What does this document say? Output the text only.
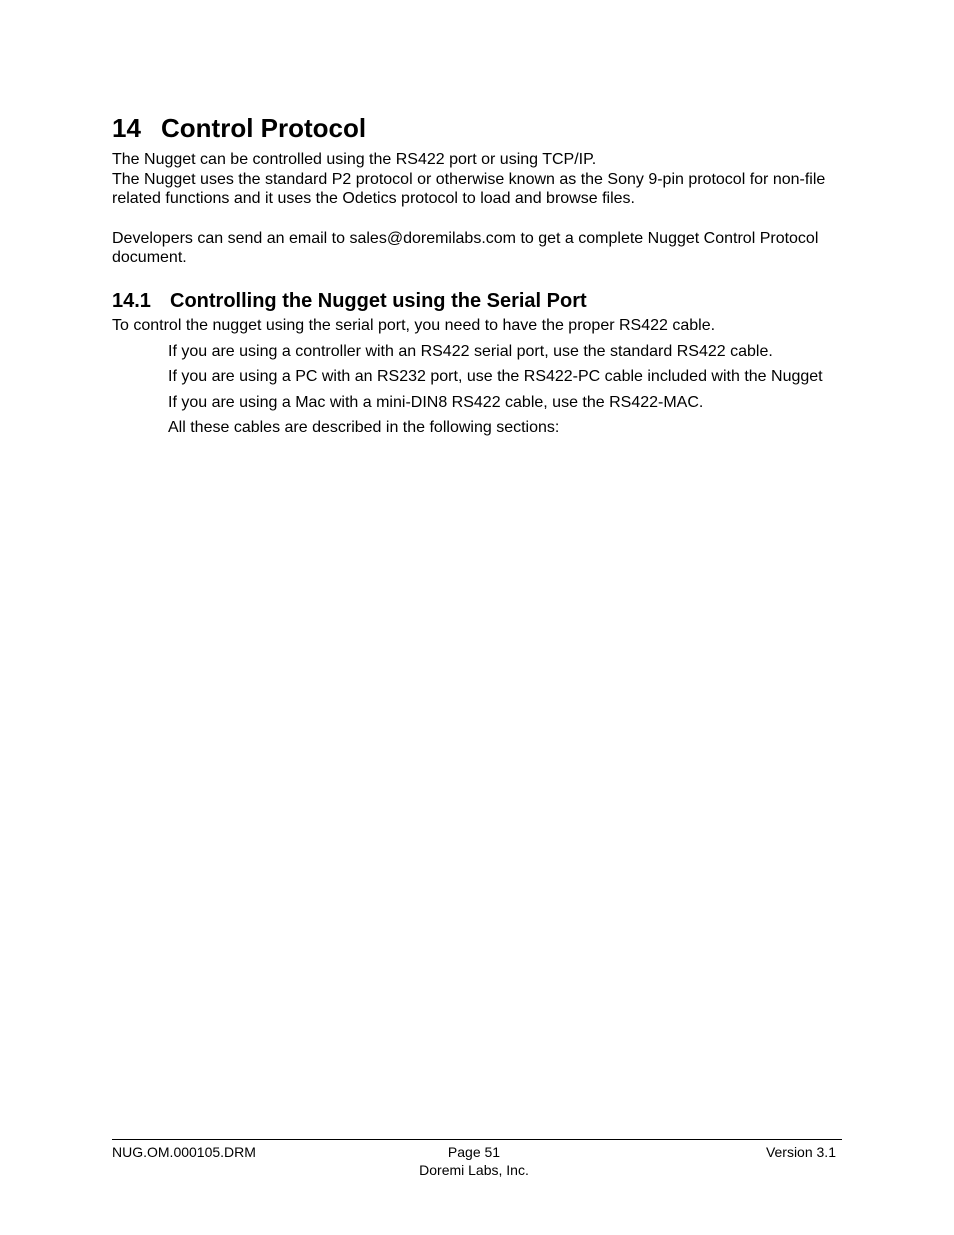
14 Control Protocol

The Nugget can be controlled using the RS422 port or using TCP/IP.

The Nugget uses the standard P2 protocol or otherwise known as the Sony 9-pin protocol for non-file related functions and it uses the Odetics protocol to load and browse files.

Developers can send an email to sales@doremilabs.com to get a complete Nugget Control Protocol document.

14.1 Controlling the Nugget using the Serial Port

To control the nugget using the serial port, you need to have the proper RS422 cable.

If you are using a controller with an RS422 serial port, use the standard RS422 cable.

If you are using a PC with an RS232 port, use the RS422-PC cable included with the Nugget

If you are using a Mac with a mini-DIN8 RS422 cable, use the RS422-MAC.

All these cables are described in the following sections:

NUG.OM.000105.DRM	Page 51
Doremi Labs, Inc.
Version 3.1
